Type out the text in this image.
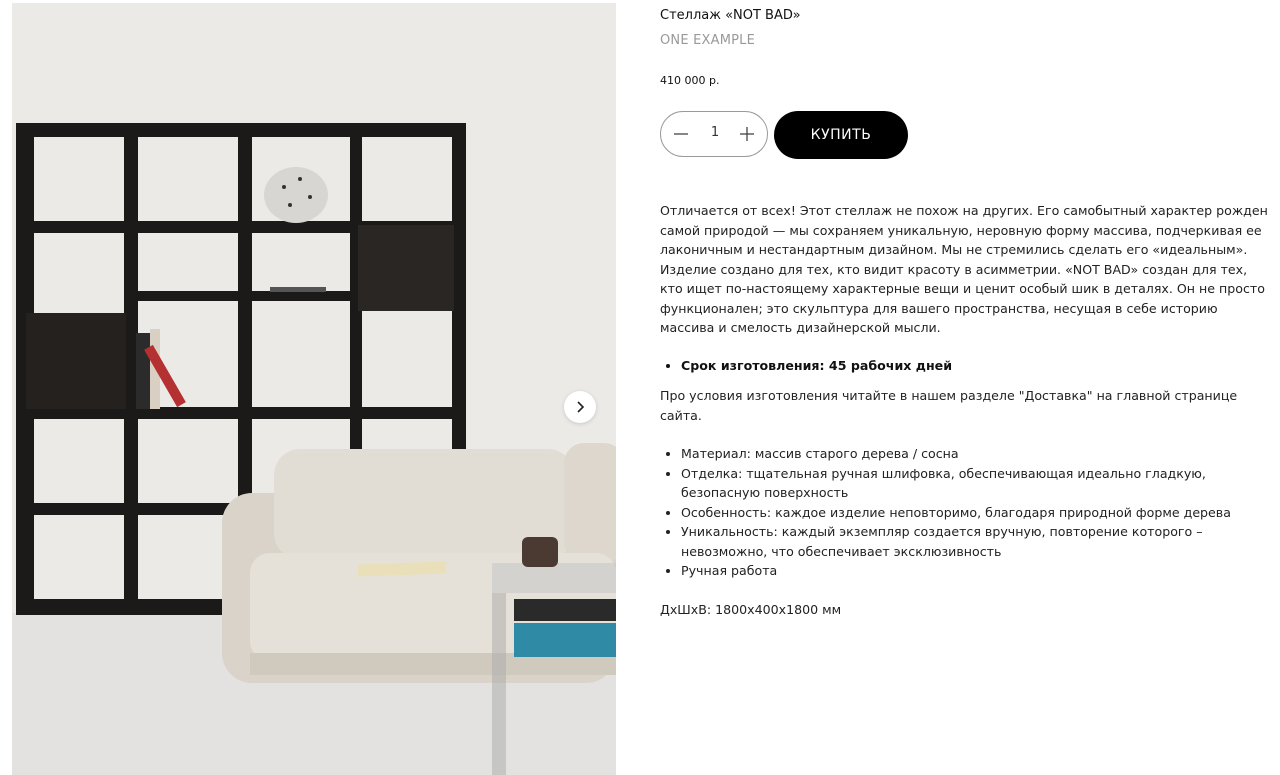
Стеллаж «NOT BAD»
ONE EXAMPLE
410 000 р.
1
КУПИТЬ

Отличается от всех! Этот стеллаж не похож на других. Его самобытный характер рожден самой природой — мы сохраняем уникальную, неровную форму массива, подчеркивая ее лаконичным и нестандартным дизайном. Мы не стремились сделать его «идеальным». Изделие создано для тех, кто видит красоту в асимметрии. «NOT BAD» создан для тех, кто ищет по-настоящему характерные вещи и ценит особый шик в деталях. Он не просто функционален; это скульптура для вашего пространства, несущая в себе историю массива и смелость дизайнерской мысли.

• Срок изготовления: 45 рабочих дней

Про условия изготовления читайте в нашем разделе "Доставка" на главной странице сайта.

• Материал: массив старого дерева / сосна
• Отделка: тщательная ручная шлифовка, обеспечивающая идеально гладкую, безопасную поверхность
• Особенность: каждое изделие неповторимо, благодаря природной форме дерева
• Уникальность: каждый экземпляр создается вручную, повторение которого – невозможно, что обеспечивает эксклюзивность
• Ручная работа

ДхШхВ: 1800х400х1800 мм
